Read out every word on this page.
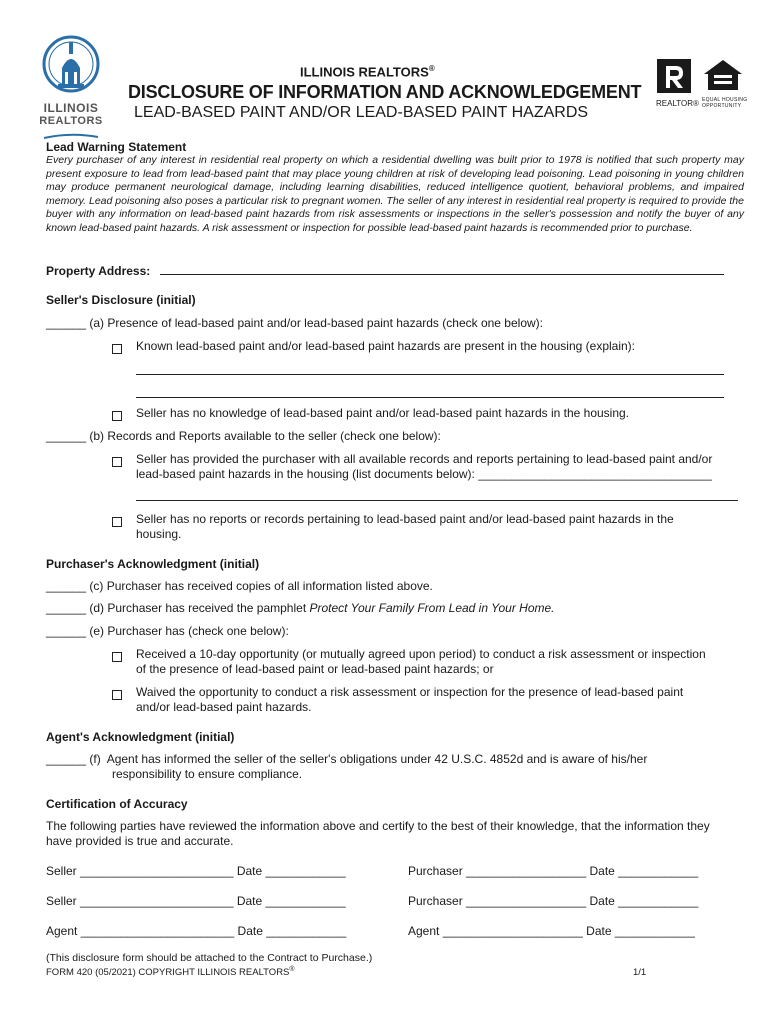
ILLINOIS
REALTORS
REALTOR® EQUAL HOUSING
OPPORTUNITY
ILLINOIS REALTORS®
DISCLOSURE OF INFORMATION AND ACKNOWLEDGEMENT
LEAD-BASED PAINT AND/OR LEAD-BASED PAINT HAZARDS
Lead Warning Statement
Every purchaser of any interest in residential real property on which a residential dwelling was built prior to 1978 is notified that such property may present exposure to lead from lead-based paint that may place young children at risk of developing lead poisoning. Lead poisoning in young children may produce permanent neurological damage, including learning disabilities, reduced intelligence quotient, behavioral problems, and impaired memory. Lead poisoning also poses a particular risk to pregnant women. The seller of any interest in residential real property is required to provide the buyer with any information on lead-based paint hazards from risk assessments or inspections in the seller's possession and notify the buyer of any known lead-based paint hazards. A risk assessment or inspection for possible lead-based paint hazards is recommended prior to purchase.
Property Address:
Seller's Disclosure (initial)
______ (a) Presence of lead-based paint and/or lead-based paint hazards (check one below):
Known lead-based paint and/or lead-based paint hazards are present in the housing (explain):
Seller has no knowledge of lead-based paint and/or lead-based paint hazards in the housing.
______ (b) Records and Reports available to the seller (check one below):
Seller has provided the purchaser with all available records and reports pertaining to lead-based paint and/or
lead-based paint hazards in the housing (list documents below): ___________________________________
Seller has no reports or records pertaining to lead-based paint and/or lead-based paint hazards in the
housing.
Purchaser's Acknowledgment (initial)
______ (c) Purchaser has received copies of all information listed above.
______ (d) Purchaser has received the pamphlet Protect Your Family From Lead in Your Home.
______ (e) Purchaser has (check one below):
Received a 10-day opportunity (or mutually agreed upon period) to conduct a risk assessment or inspection
of the presence of lead-based paint or lead-based paint hazards; or
Waived the opportunity to conduct a risk assessment or inspection for the presence of lead-based paint
and/or lead-based paint hazards.
Agent's Acknowledgment (initial)
______ (f)  Agent has informed the seller of the seller's obligations under 42 U.S.C. 4852d and is aware of his/her
responsibility to ensure compliance.
Certification of Accuracy
The following parties have reviewed the information above and certify to the best of their knowledge, that the information they
have provided is true and accurate.
Seller _______________________ Date ____________	Purchaser __________________ Date ____________
Seller _______________________ Date ____________	Purchaser __________________ Date ____________
Agent _______________________ Date ____________	Agent _____________________ Date ____________
(This disclosure form should be attached to the Contract to Purchase.)
FORM 420 (05/2021) COPYRIGHT ILLINOIS REALTORS®	1/1
